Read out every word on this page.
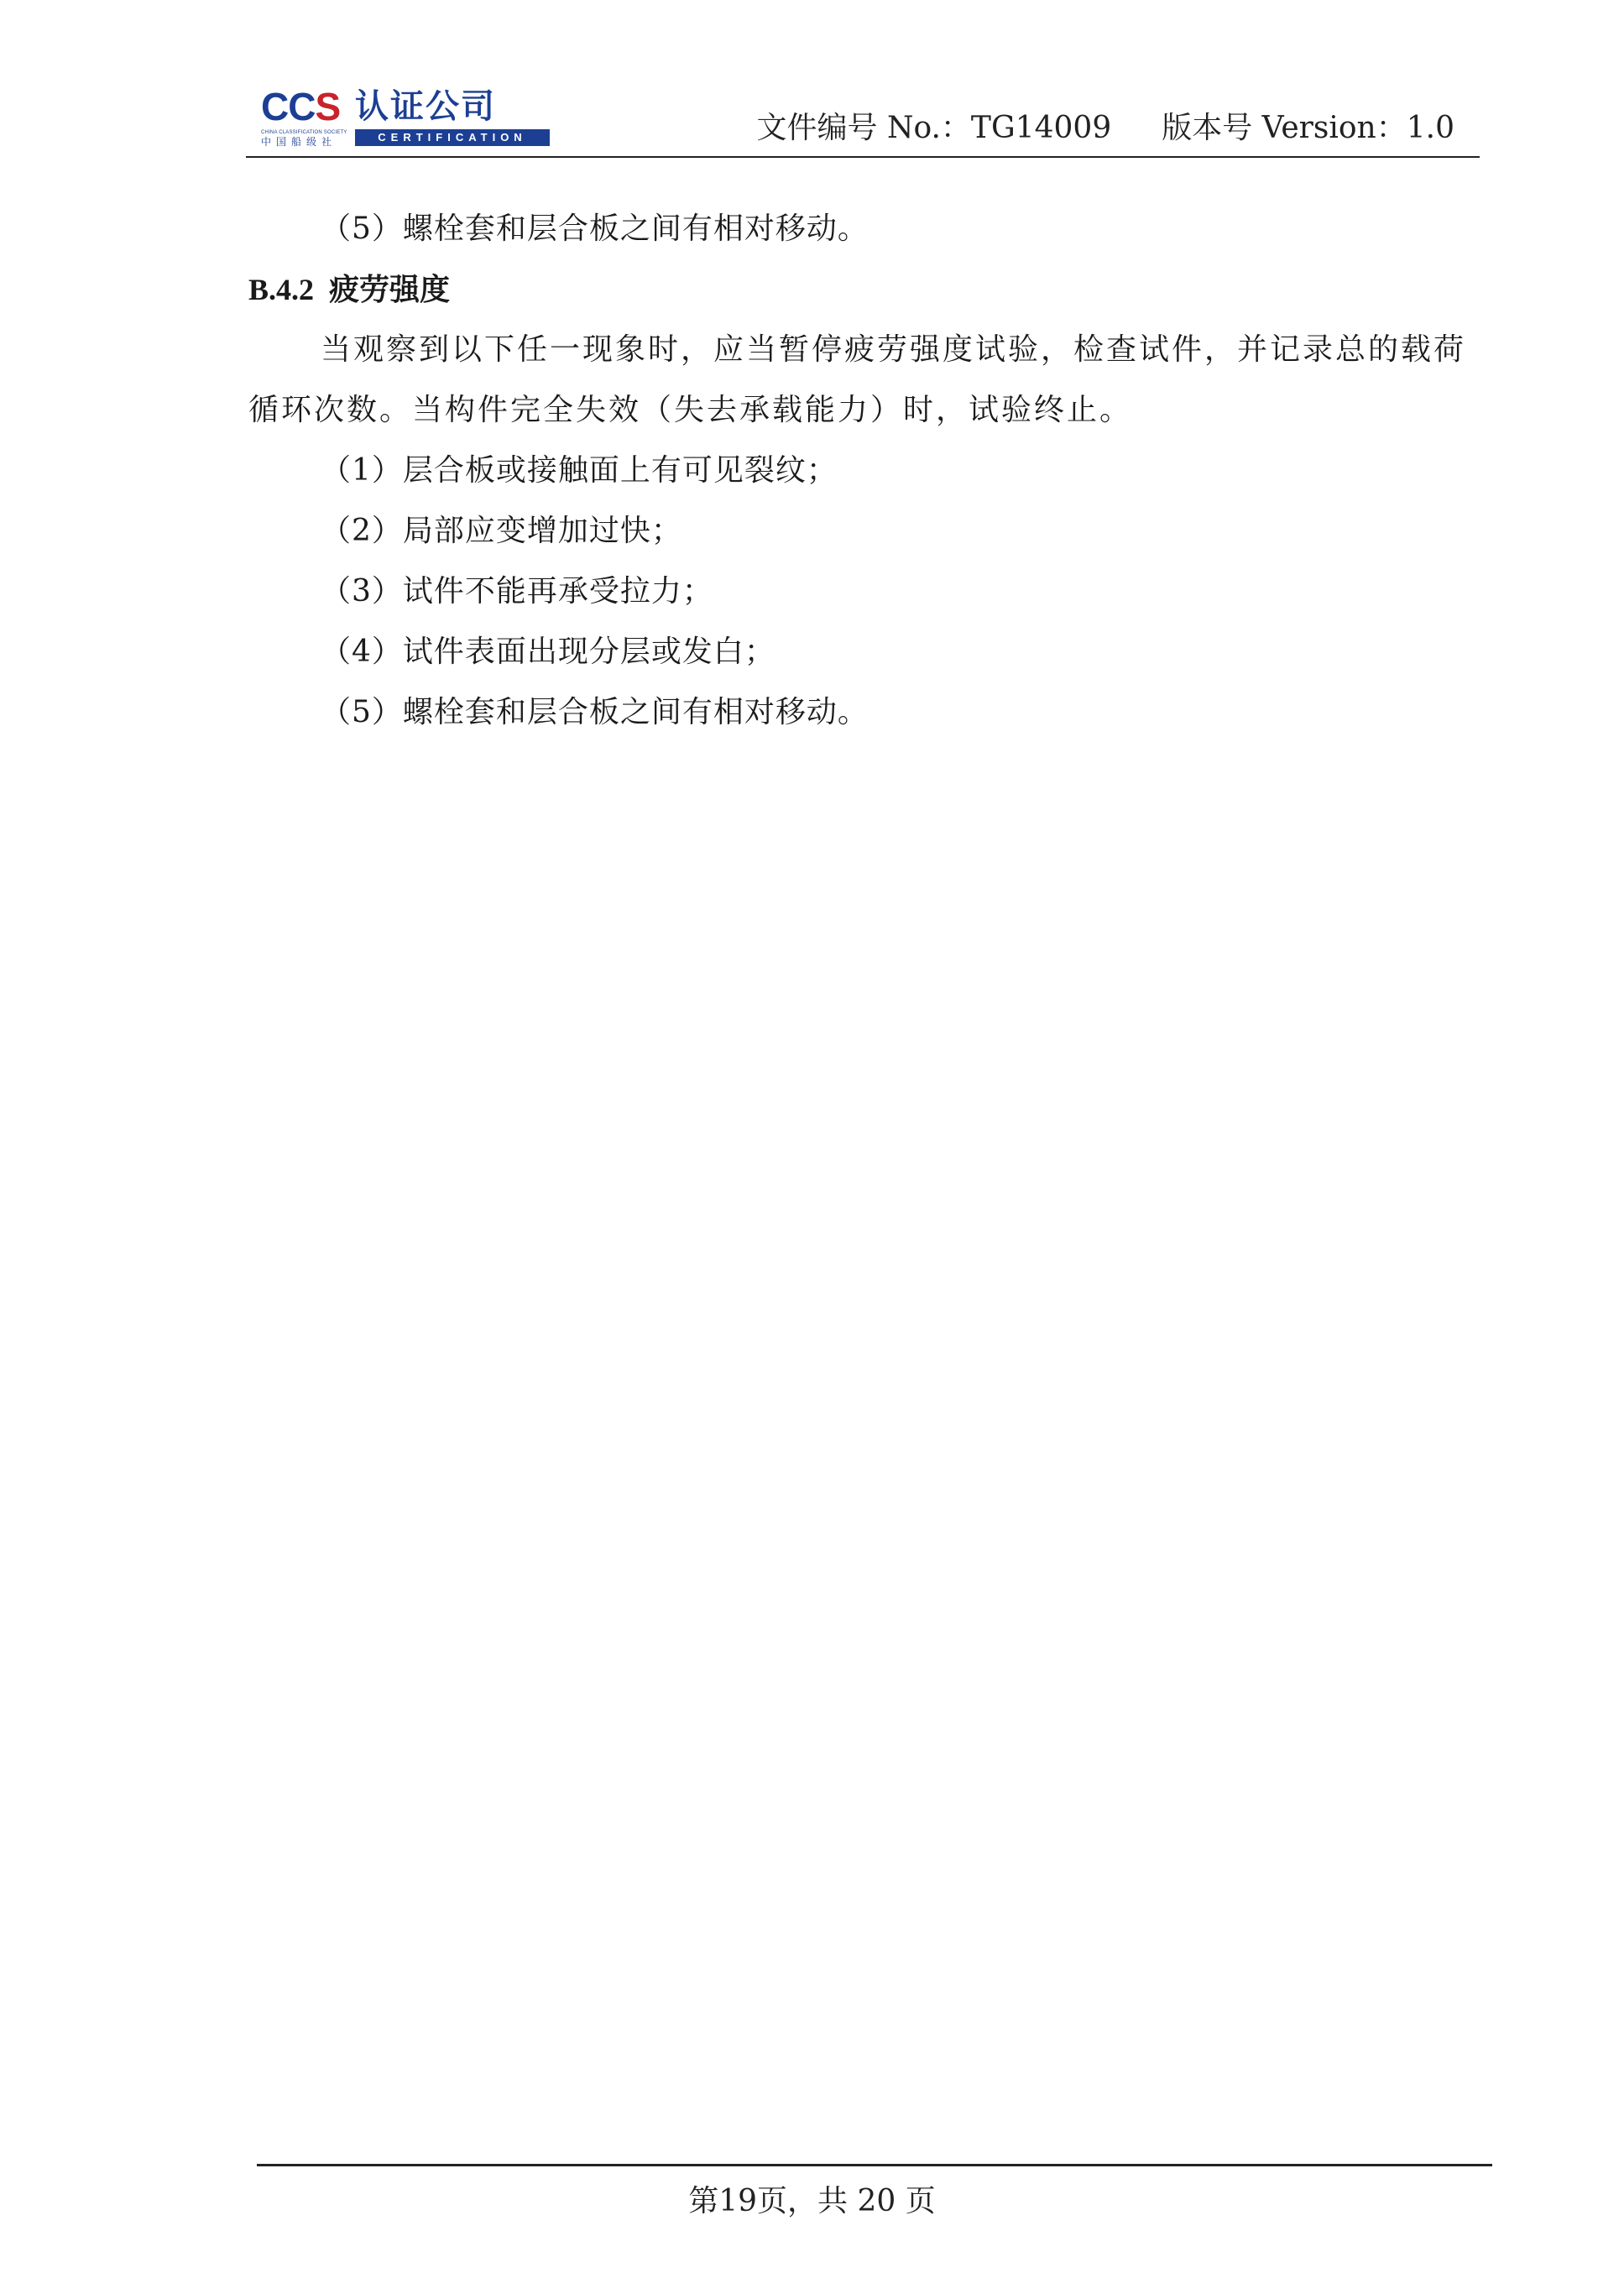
CCS 认证公司
CHINA CLASSIFICATION SOCIETY
中国船级社	CERTIFICATION	文件编号 No.：TG14009 版本号 Version：1.0
（5）螺栓套和层合板之间有相对移动。
B.4.2 疲劳强度
当观察到以下任一现象时，应当暂停疲劳强度试验，检查试件，并记录总的载荷
循环次数。当构件完全失效（失去承载能力）时，试验终止。
（1）层合板或接触面上有可见裂纹；
（2）局部应变增加过快；
（3）试件不能再承受拉力；
（4）试件表面出现分层或发白；
（5）螺栓套和层合板之间有相对移动。
第19页，共 20 页
